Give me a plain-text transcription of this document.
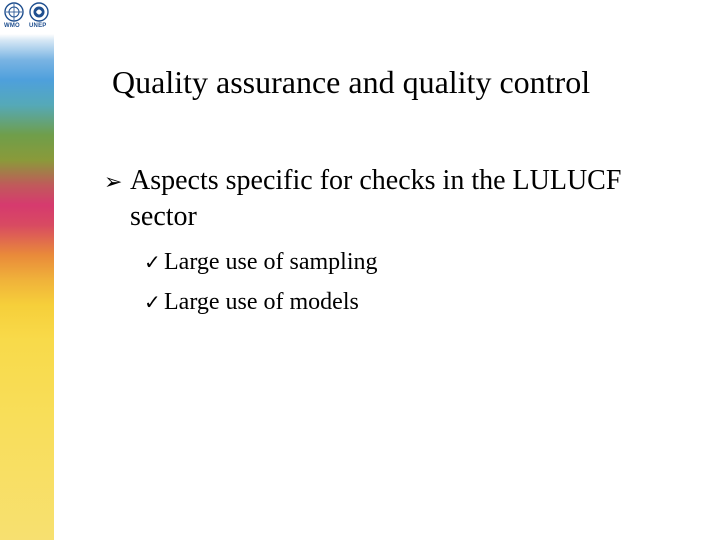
WMO UNEP
Quality assurance and quality control
➢ Aspects specific for checks in the LULUCF sector
✓ Large use of sampling
✓ Large use of models
